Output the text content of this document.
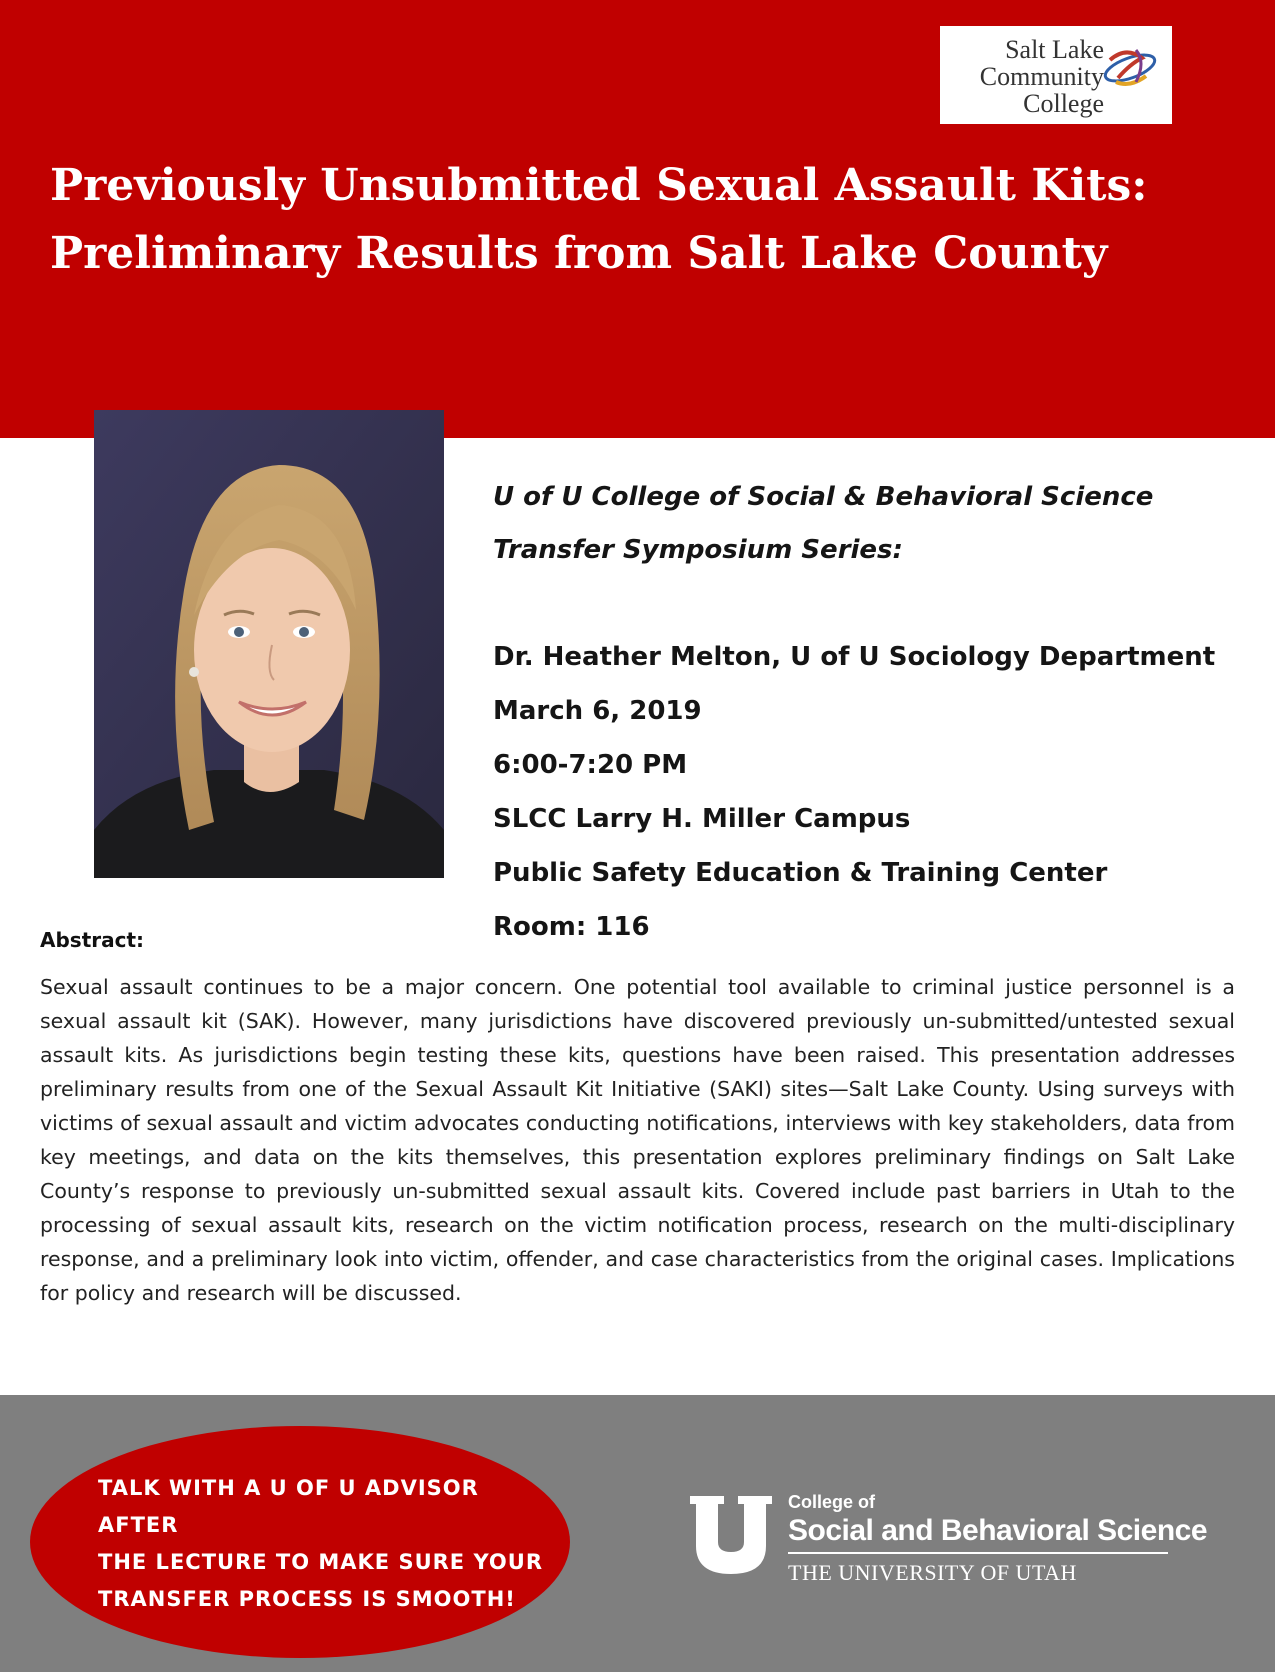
Salt Lake
Community
College
Previously Unsubmitted Sexual Assault Kits:
Preliminary Results from Salt Lake County
U of U College of Social & Behavioral Science
Transfer Symposium Series:
Dr. Heather Melton, U of U Sociology Department
March 6, 2019
6:00-7:20 PM
SLCC Larry H. Miller Campus
Public Safety Education & Training Center
Room: 116

Abstract:

Sexual assault continues to be a major concern. One potential tool available to criminal justice personnel is a sexual assault kit (SAK). However, many jurisdictions have discovered previously un-submitted/untested sexual assault kits. As jurisdictions begin testing these kits, questions have been raised. This presentation addresses preliminary results from one of the Sexual Assault Kit Initiative (SAKI) sites—Salt Lake County. Using surveys with victims of sexual assault and victim advocates conducting notifications, interviews with key stakeholders, data from key meetings, and data on the kits themselves, this presentation explores preliminary findings on Salt Lake County’s response to previously un-submitted sexual assault kits. Covered include past barriers in Utah to the processing of sexual assault kits, research on the victim notification process, research on the multi-disciplinary response, and a preliminary look into victim, offender, and case characteristics from the original cases. Implications for policy and research will be discussed.

TALK WITH A U OF U ADVISOR AFTER
THE LECTURE TO MAKE SURE YOUR
TRANSFER PROCESS IS SMOOTH!

College of
Social and Behavioral Science
THE UNIVERSITY OF UTAH
